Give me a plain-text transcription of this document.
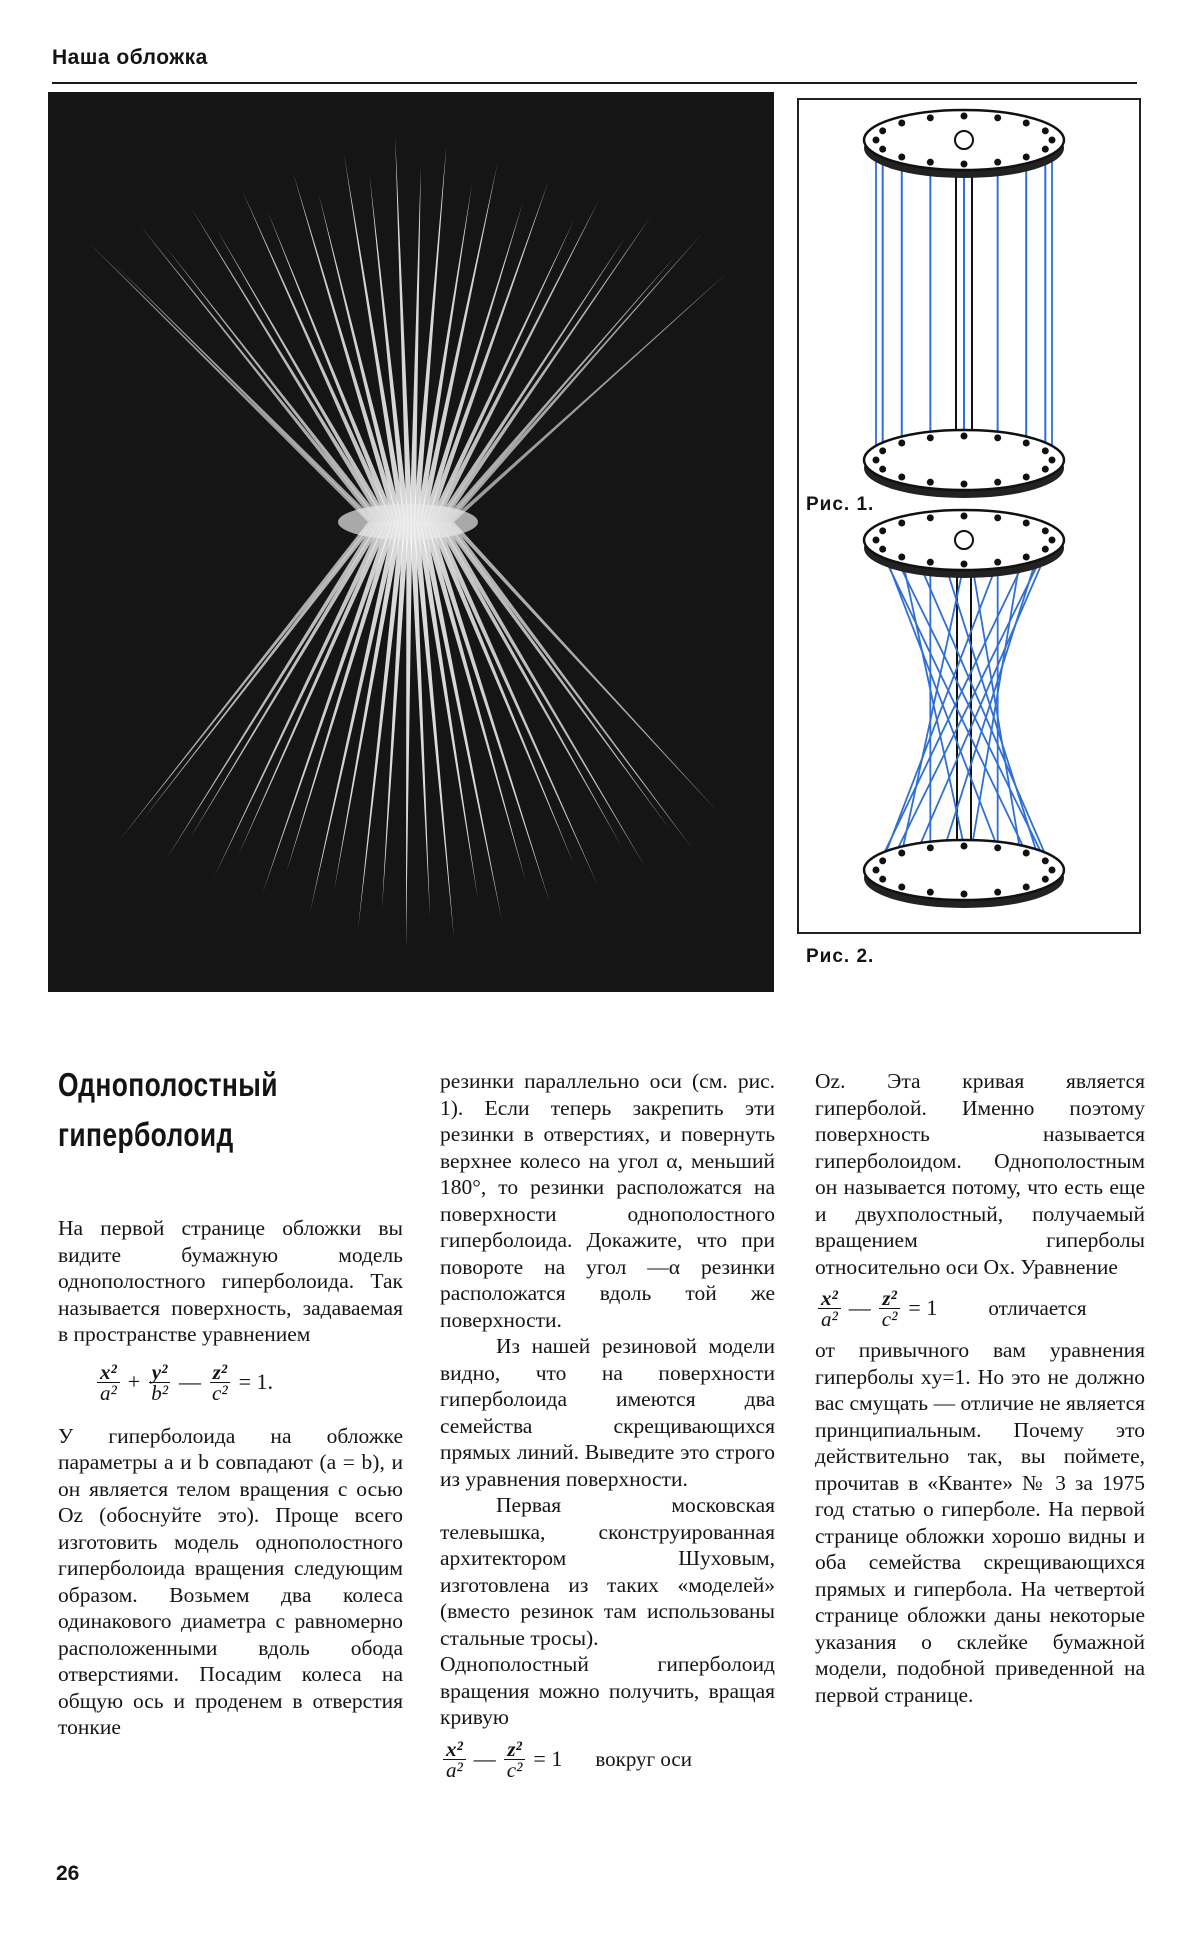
Наша обложка
Рис. 1.
Рис. 2.
Однополостный
гиперболоид

На первой странице обложки вы видите бумажную модель однополостного гиперболоида. Так называется поверхность, задаваемая в пространстве уравнением

$\frac{\text{x²}}{\text{a²}} + \frac{\text{y²}}{\text{b²}}$ — $\frac{\text{z²}}{\text{c²}} = 1$.

У гиперболоида на обложке параметры a и b совпадают (a = b), и он является телом вращения с осью Oz (обоснуйте это). Проще всего изготовить модель однополостного гиперболоида вращения следующим образом. Возьмем два колеса одинакового диаметра с равномерно расположенными вдоль обода отверстиями. Посадим колеса на общую ось и проденем в отверстия тонкие

резинки параллельно оси (см. рис. 1). Если теперь закрепить эти резинки в отверстиях, и повернуть верхнее колесо на угол α, меньший 180°, то резинки расположатся на поверхности однополостного гиперболоида. Докажите, что при повороте на угол —α резинки расположатся вдоль той же поверхности.

Из нашей резиновой модели видно, что на поверхности гиперболоида имеются два семейства скрещивающихся прямых линий. Выведите это строго из уравнения поверхности.

Первая московская телевышка, сконструированная архитектором Шуховым, изготовлена из таких «моделей» (вместо резинок там использованы стальные тросы).

Однополостный гиперболоид вращения можно получить, вращая кривую

$\frac{\text{x²}}{\text{a²}}$ — $\frac{\text{z²}}{\text{c²}} = 1$ вокруг оси

Oz. Эта кривая является гиперболой. Именно поэтому поверхность называется гиперболоидом. Однополостным он называется потому, что есть еще и двухполостный, получаемый вращением гиперболы относительно оси Ox. Уравнение

$\frac{\text{x²}}{\text{a²}}$ — $\frac{\text{z²}}{\text{c²}} = 1$ отличается

от привычного вам уравнения гиперболы xy=1. Но это не должно вас смущать — отличие не является принципиальным. Почему это действительно так, вы поймете, прочитав в «Кванте» № 3 за 1975 год статью о гиперболе. На первой странице обложки хорошо видны и оба семейства скрещивающихся прямых и гипербола. На четвертой странице обложки даны некоторые указания о склейке бумажной модели, подобной приведенной на первой странице.

26
